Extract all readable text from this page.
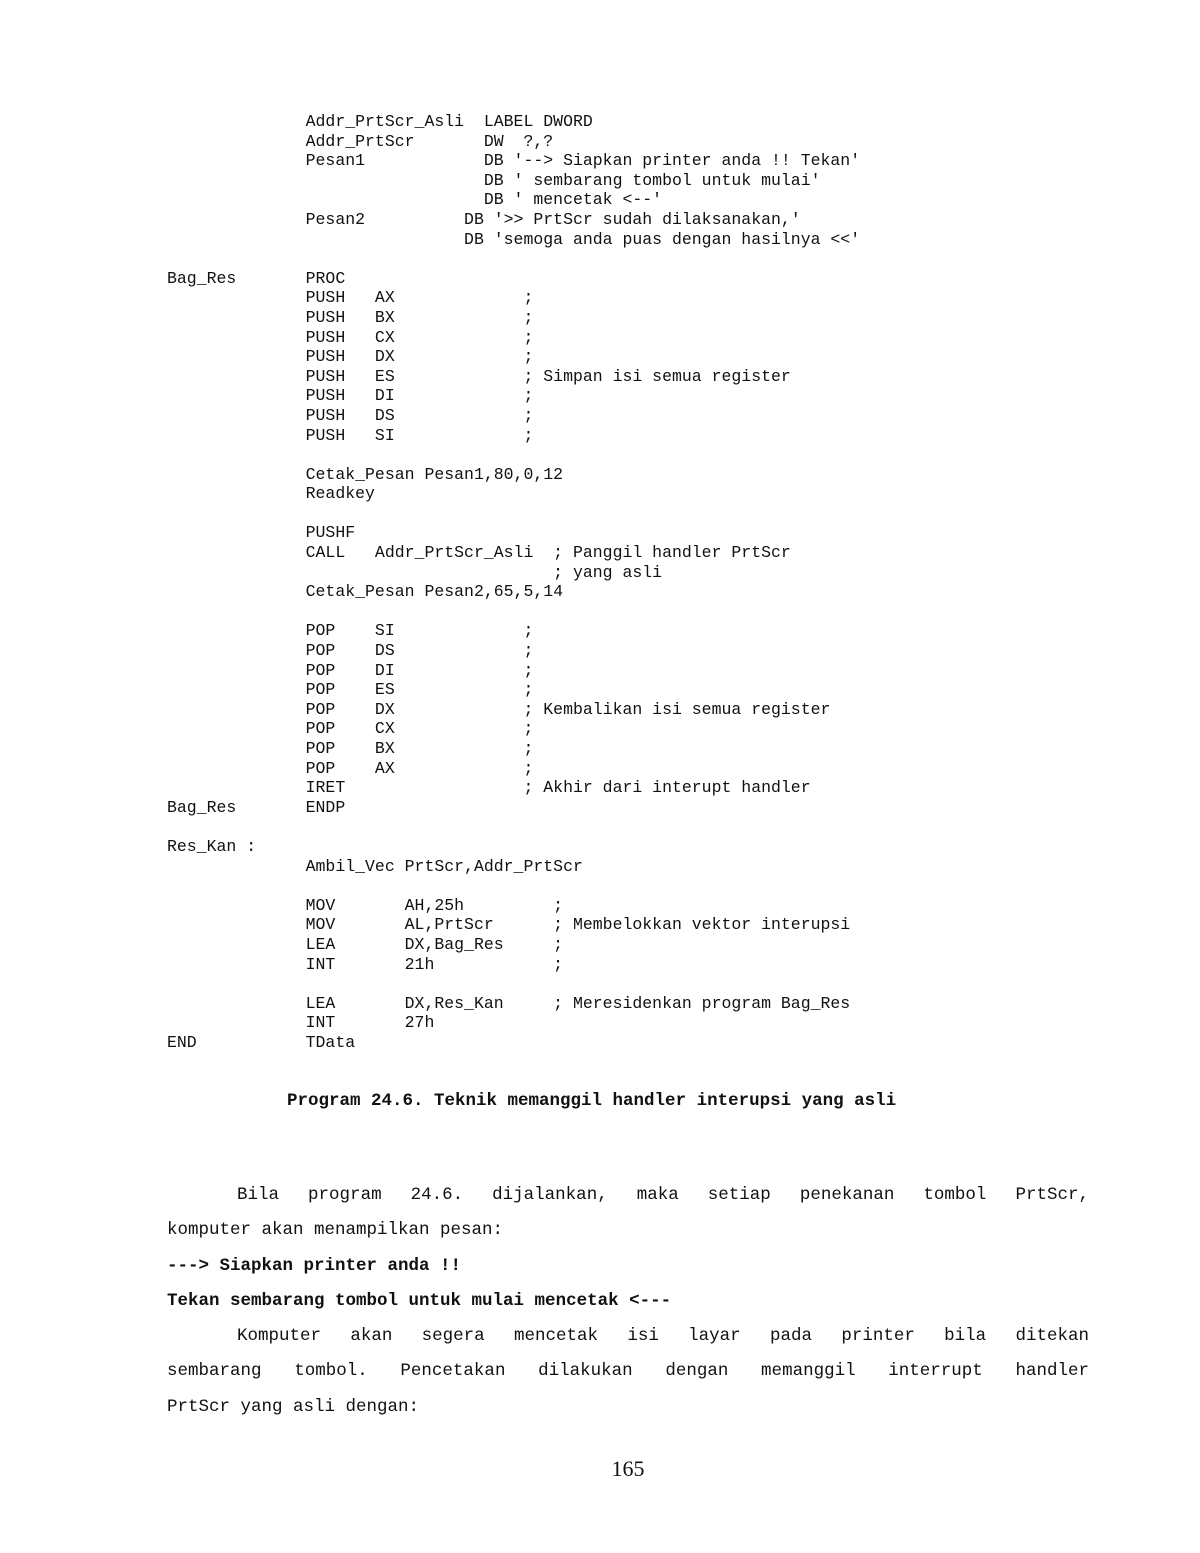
Addr_PrtScr_Asli  LABEL DWORD
Addr_PrtScr       DW  ?,?
Pesan1            DB '--> Siapkan printer anda !! Tekan'
DB ' sembarang tombol untuk mulai'
DB ' mencetak <--'
Pesan2          DB '>> PrtScr sudah dilaksanakan,'
DB 'semoga anda puas dengan hasilnya <<'

Bag_Res       PROC
PUSH   AX             ;
PUSH   BX             ;
PUSH   CX             ;
PUSH   DX             ;
PUSH   ES             ; Simpan isi semua register
PUSH   DI             ;
PUSH   DS             ;
PUSH   SI             ;

Cetak_Pesan Pesan1,80,0,12
Readkey

PUSHF
CALL   Addr_PrtScr_Asli  ; Panggil handler PrtScr
; yang asli
Cetak_Pesan Pesan2,65,5,14

POP    SI             ;
POP    DS             ;
POP    DI             ;
POP    ES             ;
POP    DX             ; Kembalikan isi semua register
POP    CX             ;
POP    BX             ;
POP    AX             ;
IRET                  ; Akhir dari interupt handler
Bag_Res       ENDP

Res_Kan :
Ambil_Vec PrtScr,Addr_PrtScr

MOV       AH,25h         ;
MOV       AL,PrtScr      ; Membelokkan vektor interupsi
LEA       DX,Bag_Res     ;
INT       21h            ;

LEA       DX,Res_Kan     ; Meresidenkan program Bag_Res
INT       27h
END           TData
Program 24.6. Teknik memanggil handler interupsi yang asli
Bila program 24.6. dijalankan, maka setiap penekanan tombol PrtScr,
komputer akan menampilkan pesan:
---> Siapkan printer anda !!
Tekan sembarang tombol untuk mulai mencetak <---
Komputer akan segera mencetak isi layar pada printer bila ditekan
sembarang tombol. Pencetakan dilakukan dengan memanggil interrupt handler
PrtScr yang asli dengan:
165
